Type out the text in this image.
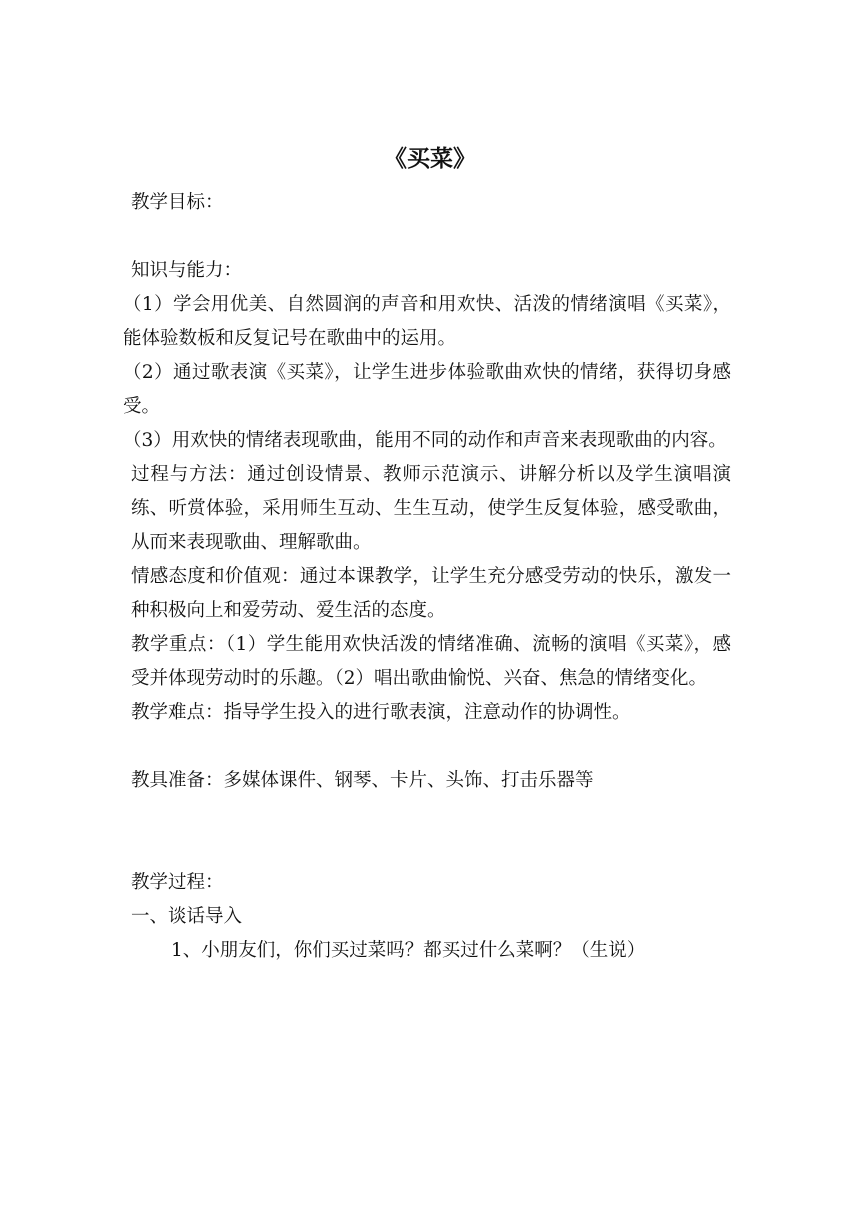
《买菜》

教学目标：

知识与能力：

（1）学会用优美、自然圆润的声音和用欢快、活泼的情绪演唱《买菜》，能体验数板和反复记号在歌曲中的运用。

（2）通过歌表演《买菜》，让学生进步体验歌曲欢快的情绪，获得切身感受。

（3）用欢快的情绪表现歌曲，能用不同的动作和声音来表现歌曲的内容。

过程与方法：通过创设情景、教师示范演示、讲解分析以及学生演唱演练、听赏体验，采用师生互动、生生互动，使学生反复体验，感受歌曲，从而来表现歌曲、理解歌曲。

情感态度和价值观：通过本课教学，让学生充分感受劳动的快乐，激发一种积极向上和爱劳动、爱生活的态度。

教学重点：（1）学生能用欢快活泼的情绪准确、流畅的演唱《买菜》，感受并体现劳动时的乐趣。（2）唱出歌曲愉悦、兴奋、焦急的情绪变化。

教学难点：指导学生投入的进行歌表演，注意动作的协调性。

教具准备：多媒体课件、钢琴、卡片、头饰、打击乐器等

教学过程：

一、谈话导入

1、小朋友们，你们买过菜吗？都买过什么菜啊？（生说）
